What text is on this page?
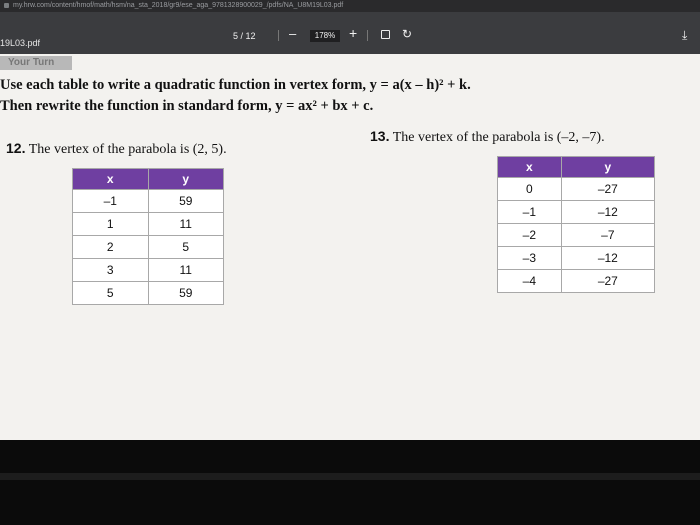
my.hrw.com/content/hmof/math/hsm/na_sta_2018/gr9/ese_aga_9781328900029_/pdfs/NA_U8M19L03.pdf
19L03.pdf
5 / 12	–	178% +	↻	⤓
Your Turn
Use each table to write a quadratic function in vertex form, y = a(x – h)² + k.
Then rewrite the function in standard form, y = ax² + bx + c.
12. The vertex of the parabola is (2, 5).
13. The vertex of the parabola is (–2, –7).
x	y
–1	59
1	11
2	5
3	11
5	59
x	y
0	–27
–1	–12
–2	–7
–3	–12
–4	–27
